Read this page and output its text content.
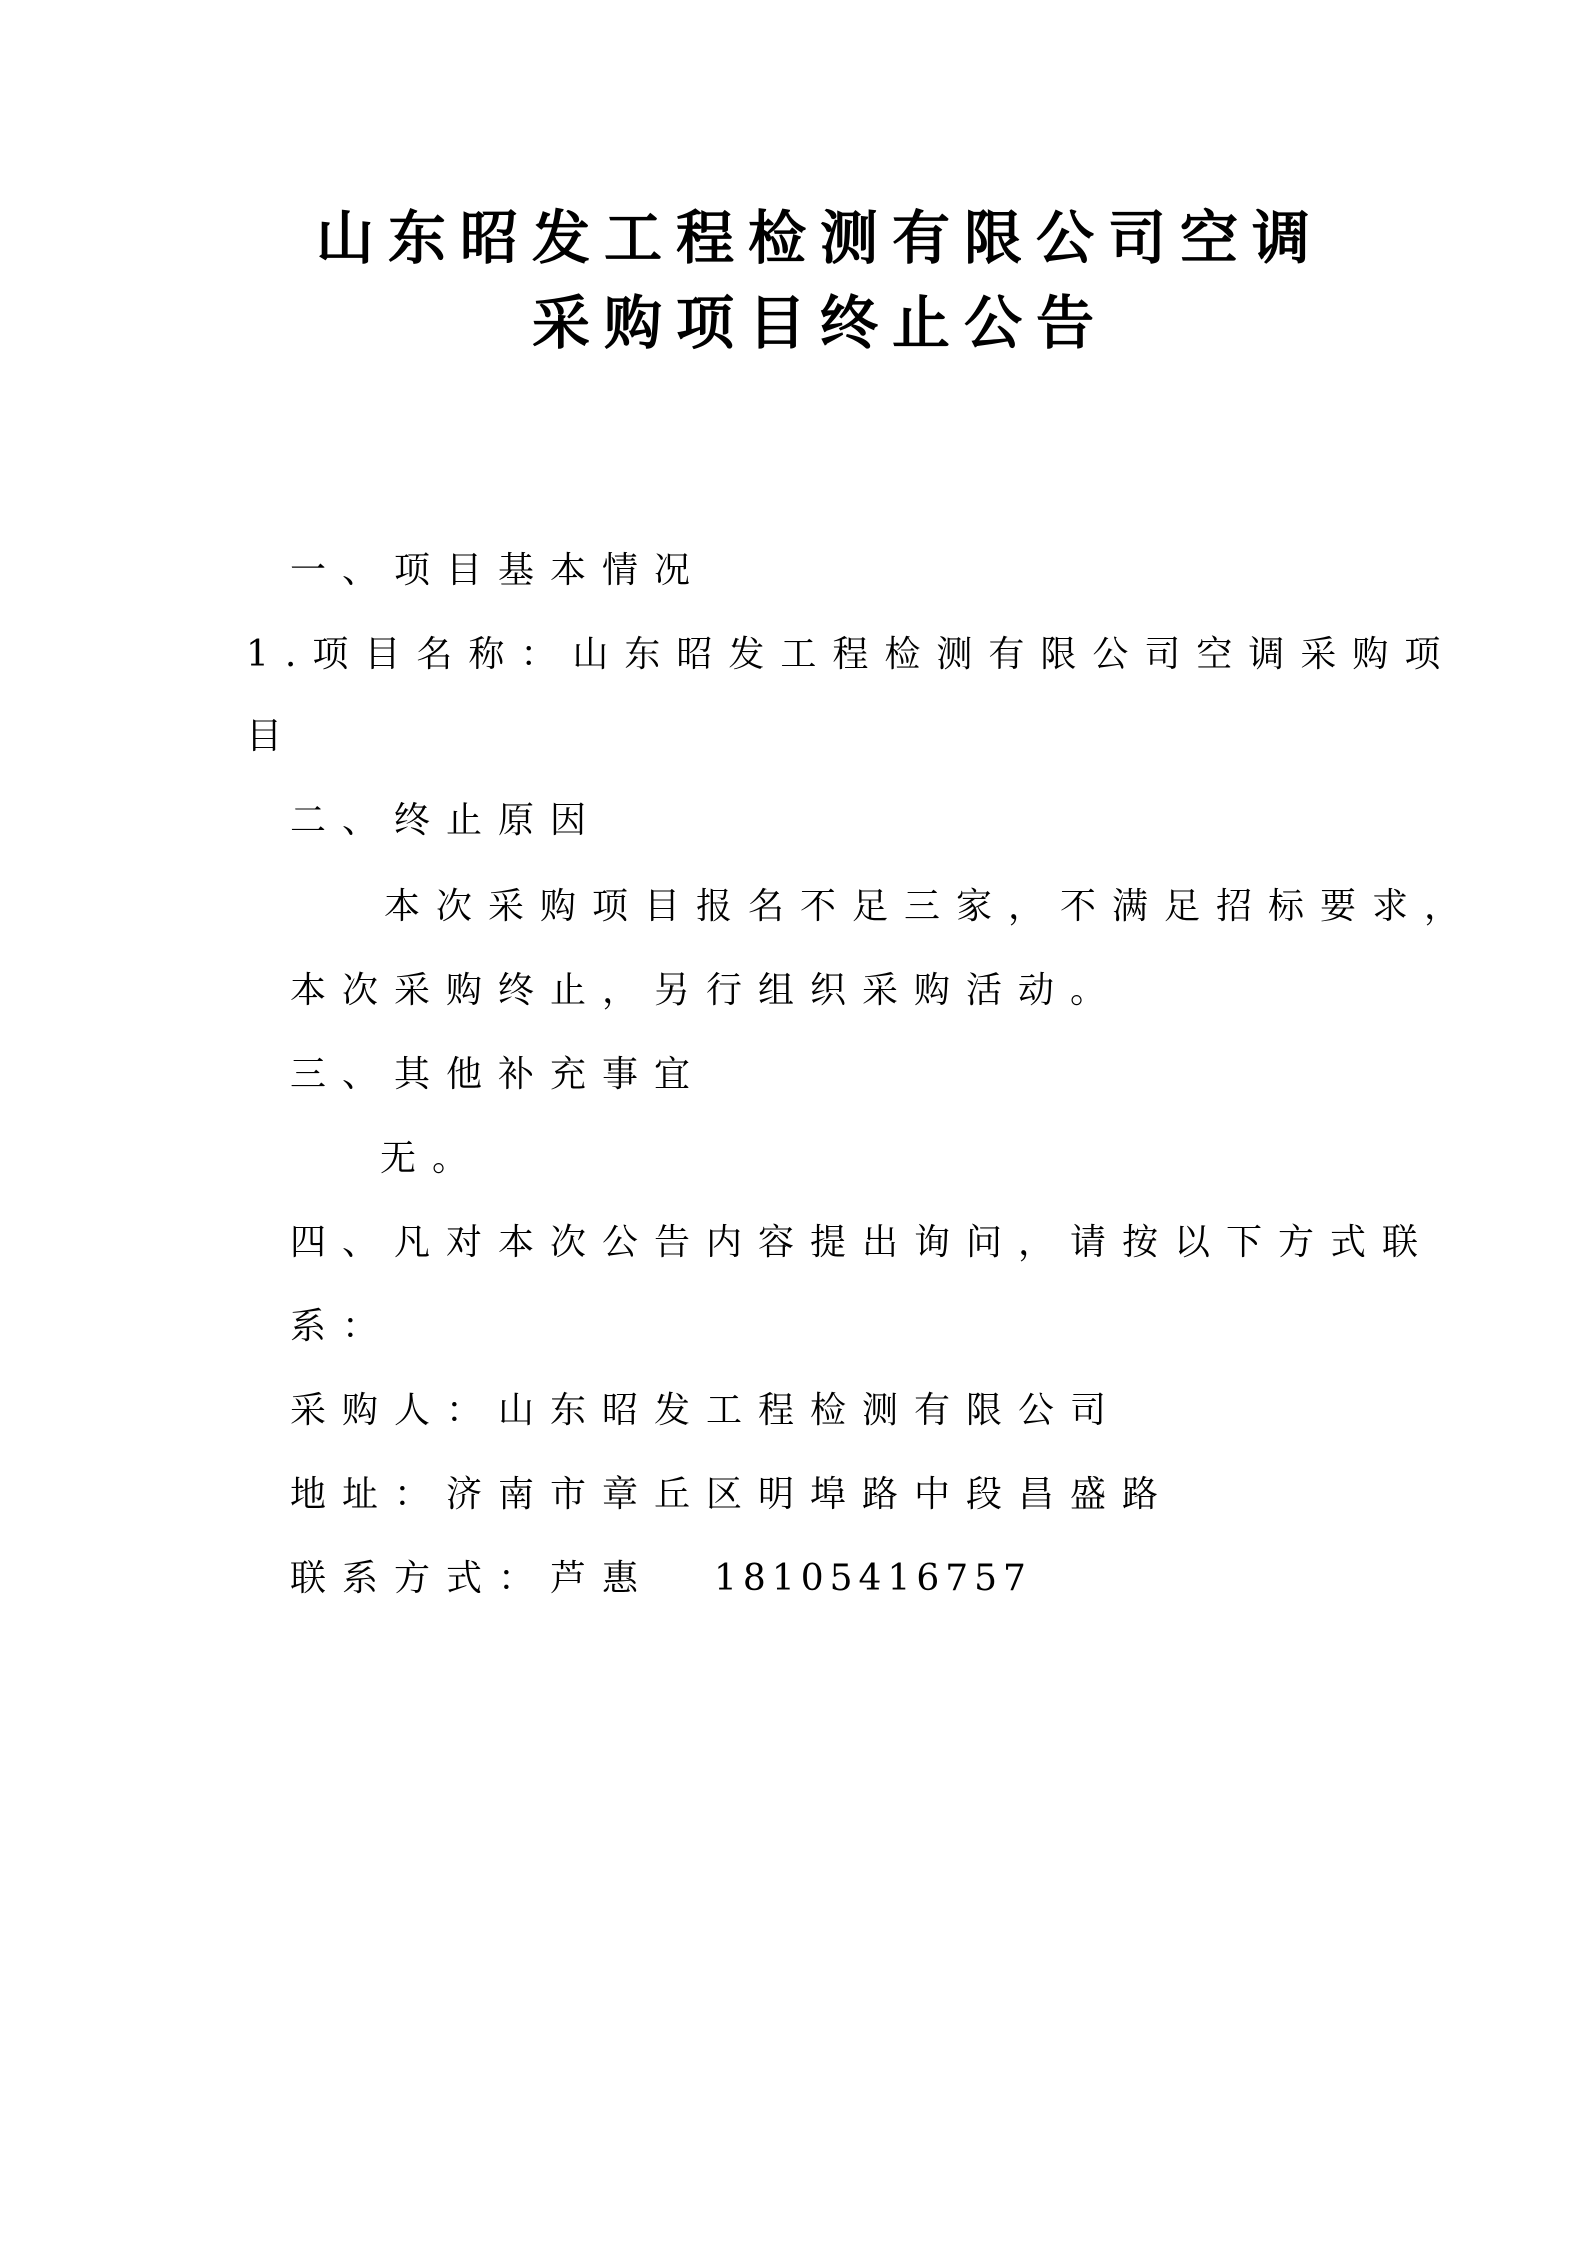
山东昭发工程检测有限公司空调
采购项目终止公告
一、项目基本情况
1.项目名称：山东昭发工程检测有限公司空调采购项
目
二、终止原因
本次采购项目报名不足三家，不满足招标要求，
本次采购终止，另行组织采购活动。
三、其他补充事宜
无。
四、凡对本次公告内容提出询问，请按以下方式联
系：
采购人：山东昭发工程检测有限公司
地址：济南市章丘区明埠路中段昌盛路
联系方式：芦惠 18105416757
